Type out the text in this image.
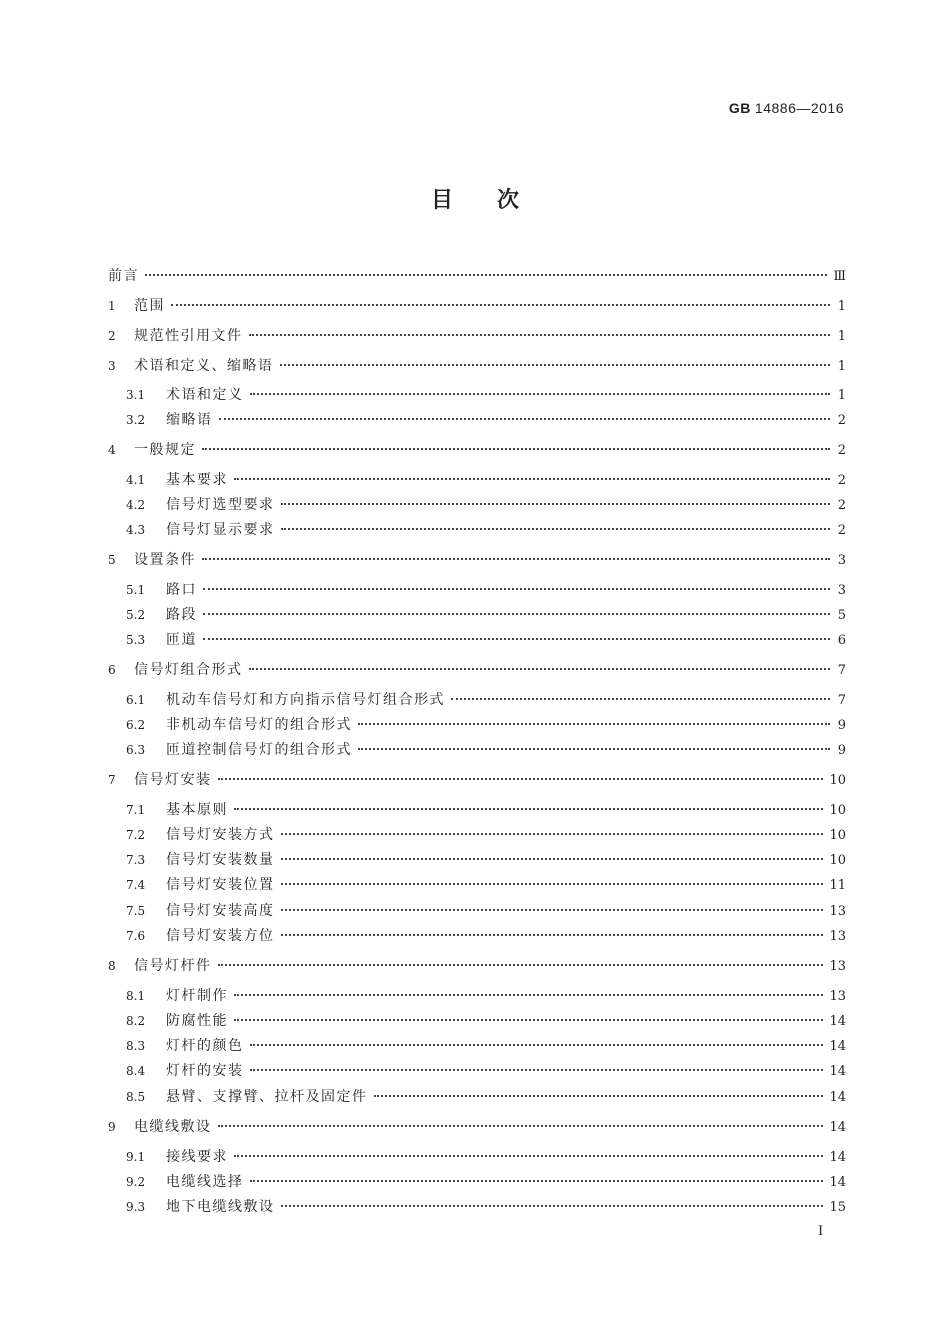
GB 14886—2016
目次
前言	Ⅲ
1	范围	1
2	规范性引用文件	1
3	术语和定义、缩略语	1
3.1	术语和定义	1
3.2	缩略语	2
4	一般规定	2
4.1	基本要求	2
4.2	信号灯选型要求	2
4.3	信号灯显示要求	2
5	设置条件	3
5.1	路口	3
5.2	路段	5
5.3	匝道	6
6	信号灯组合形式	7
6.1	机动车信号灯和方向指示信号灯组合形式	7
6.2	非机动车信号灯的组合形式	9
6.3	匝道控制信号灯的组合形式	9
7	信号灯安装	10
7.1	基本原则	10
7.2	信号灯安装方式	10
7.3	信号灯安装数量	10
7.4	信号灯安装位置	11
7.5	信号灯安装高度	13
7.6	信号灯安装方位	13
8	信号灯杆件	13
8.1	灯杆制作	13
8.2	防腐性能	14
8.3	灯杆的颜色	14
8.4	灯杆的安装	14
8.5	悬臂、支撑臂、拉杆及固定件	14
9	电缆线敷设	14
9.1	接线要求	14
9.2	电缆线选择	14
9.3	地下电缆线敷设	15
Ⅰ
